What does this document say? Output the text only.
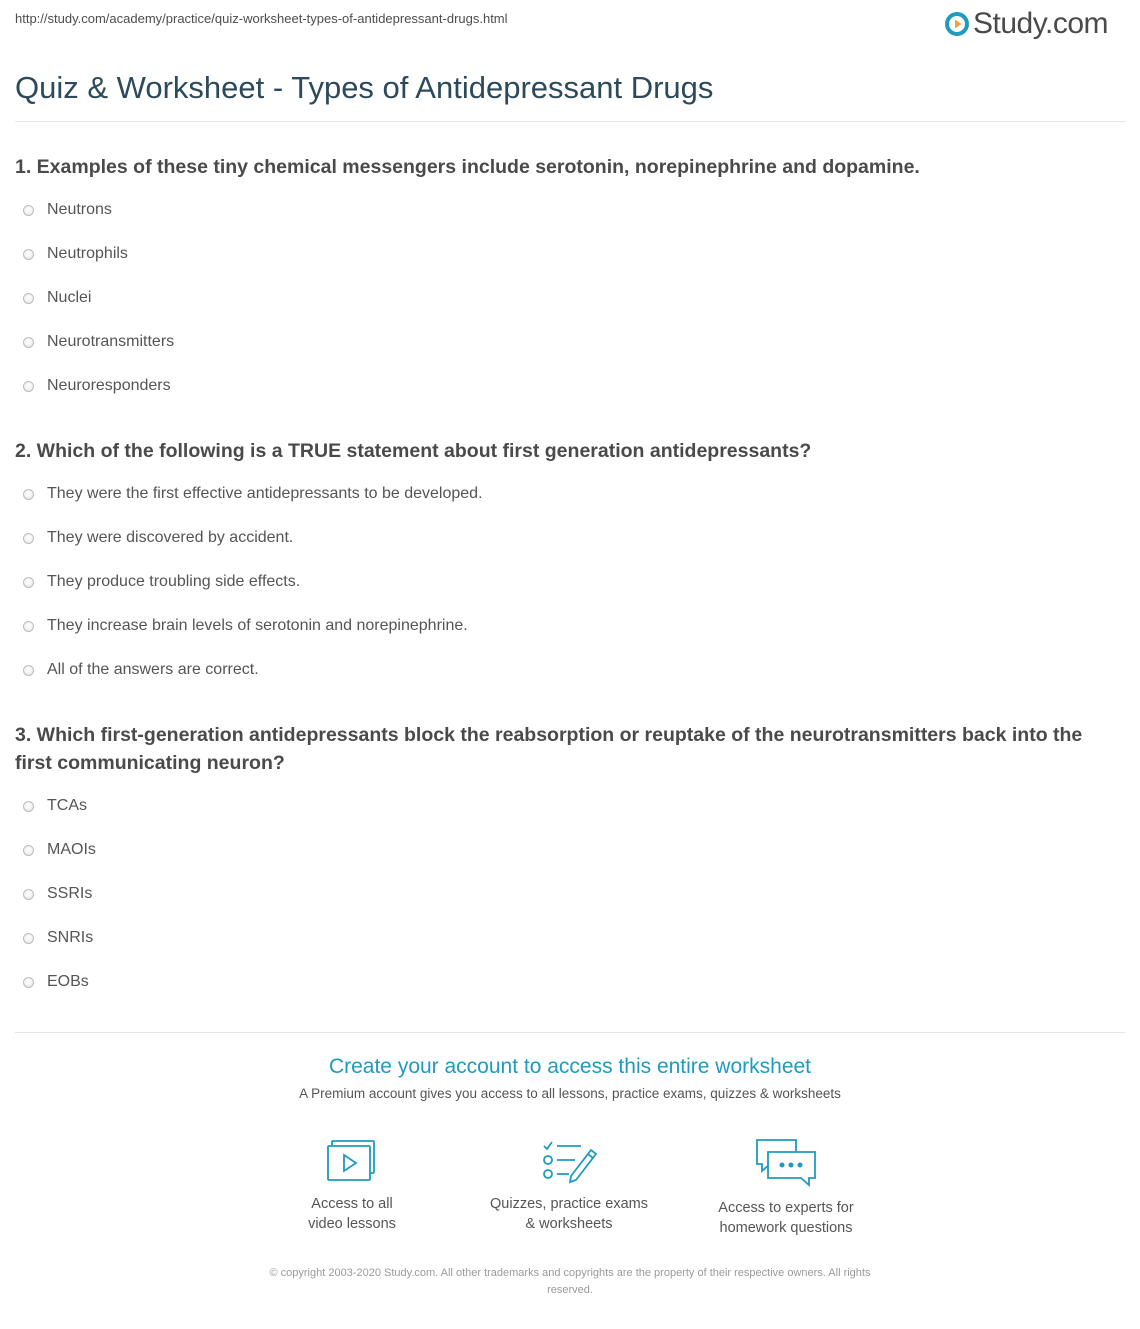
http://study.com/academy/practice/quiz-worksheet-types-of-antidepressant-drugs.html	Study.com
Quiz & Worksheet - Types of Antidepressant Drugs
1. Examples of these tiny chemical messengers include serotonin, norepinephrine and dopamine.
Neutrons
Neutrophils
Nuclei
Neurotransmitters
Neuroresponders
2. Which of the following is a TRUE statement about first generation antidepressants?
They were the first effective antidepressants to be developed.
They were discovered by accident.
They produce troubling side effects.
They increase brain levels of serotonin and norepinephrine.
All of the answers are correct.
3. Which first-generation antidepressants block the reabsorption or reuptake of the neurotransmitters back into the first communicating neuron?
TCAs
MAOIs
SSRIs
SNRIs
EOBs
Create your account to access this entire worksheet
A Premium account gives you access to all lessons, practice exams, quizzes & worksheets
Access to all
video lessons
Quizzes, practice exams
& worksheets
Access to experts for
homework questions
© copyright 2003-2020 Study.com. All other trademarks and copyrights are the property of their respective owners. All rights
reserved.
